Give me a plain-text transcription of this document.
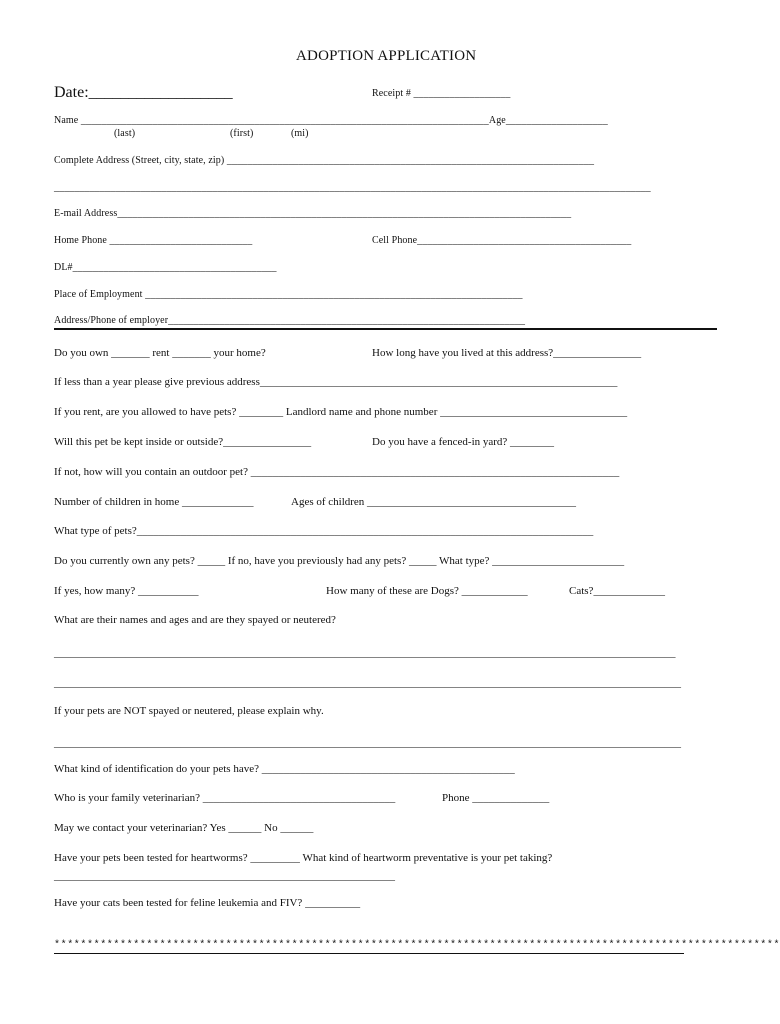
ADOPTION APPLICATION
Date:__________________	Receipt # ___________________
Name ________________________________________________________________________________Age____________________
(last)	(first)	(mi)
Complete Address (Street, city, state, zip) ________________________________________________________________________
_____________________________________________________________________________________________________________________
E-mail Address_________________________________________________________________________________________
Home Phone ____________________________	Cell Phone__________________________________________
DL#________________________________________
Place of Employment __________________________________________________________________________
Address/Phone of employer______________________________________________________________________
Do you own _______ rent _______ your home?	How long have you lived at this address?________________
If less than a year please give previous address_________________________________________________________________
If you rent, are you allowed to have pets? ________ Landlord name and phone number __________________________________
Will this pet be kept inside or outside?________________	Do you have a fenced-in yard? ________
If not, how will you contain an outdoor pet? ___________________________________________________________________
Number of children in home _____________	Ages of children ______________________________________
What type of pets?___________________________________________________________________________________
Do you currently own any pets? _____ If no, have you previously had any pets? _____ What type? ________________________
If yes, how many? ___________	How many of these are Dogs? ____________	Cats?_____________
What are their names and ages and are they spayed or neutered?
_________________________________________________________________________________________________________________
__________________________________________________________________________________________________________________
If your pets are NOT spayed or neutered, please explain why.
__________________________________________________________________________________________________________________
What kind of identification do your pets have? ______________________________________________
Who is your family veterinarian? ___________________________________	Phone ______________
May we contact your veterinarian? Yes ______ No ______
Have your pets been tested for heartworms? _________ What kind of heartworm preventative is your pet taking?
______________________________________________________________
Have your cats been tested for feline leukemia and FIV? __________
**************************************************************************************************************
